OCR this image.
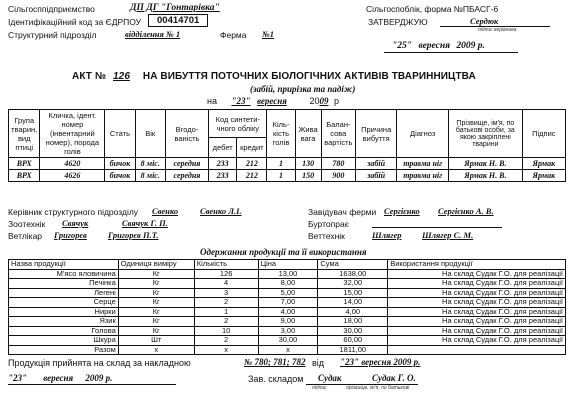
Сільгосппідприємство	ДП ДГ "Гонтарівка"	Сільгоспоблік, форма №ПБАСГ-6
Ідентифікаційний код за ЄДРПОУ	00414701	ЗАТВЕРДЖУЮ	Сердюк
підпис керівника
Структурний підрозділ	відділення № 1	Ферма №1
"25" вересня 2009 р.
АКТ № 126 НА ВИБУТТЯ ПОТОЧНИХ БІОЛОГІЧНИХ АКТИВІВ ТВАРИННИЦТВА
(забій, прирізка та падіж)
на "23" вересня	2009 р
Група тварин, вид птиці	Кличка, ідент. номер (інвентарний номер), порода голів	Стать	Вік	Вгодо-ваність	Код синтети-чного обліку		Кіль-кість голів	Жива вага	Балан-сова вартість	Причина вибуття	Діагноз	Прізвище, ім'я, по батькові особи, за якою закріплені тварини	Підпис
					дебет	кредит							
ВРХ	4620	бичок	8 міс.	середня	233	212	1	130	780	забій	травма ніг	Ярмак Н. В.	Ярмак
ВРХ	4626	бичок	8 міс.	середня	233	212	1	150	900	забій	травма ніг	Ярмак Н. В.	Ярмак
Керівник структурного підрозділу Свенко	Свенко Л.І.	Завідувач ферми Сергієнко Сергієнко А. В.
Зоотехнік Свячук	Свячук Г. П.	Буртопрає
Ветлікар Григорєв Григорєв П.Т.	Веттехнік	Шлягер Шлягер С. М.
Одержання продукції та її використання
Назва продукції	Одиниця виміру	Кількість	Ціна	Сума	Використання продукції
М'ясо яловичина	Кг	126	13,00	1638,00	На склад Судак Г.О. для реалізації
Печінка	Кг	4	8,00	32,00	На склад Судак Г.О. для реалізації
Легені	Кг	3	5,00	15,00	На склад Судак Г.О. для реалізації
Серце	Кг	2	7,00	14,00	На склад Судак Г.О. для реалізації
Нирки	Кг	1	4,00	4,00	На склад Судак Г.О. для реалізації
Язик	Кг	2	9,00	18,00	На склад Судак Г.О. для реалізації
Голова	Кг	10	3,00	30,00	На склад Судак Г.О. для реалізації
Шкура	Шт	2	30,00	60,00	На склад Судак Г.О. для реалізації
Разом	х	х	х	1811,00	
Продукція прийнята на склад за накладною	№ 780; 781; 782 від "23" вересня 2009 р.
"23" вересня 2009 р.	Зав. складом Судак	Судак Г. О.
підпис	прізвище, ім'я, по батькові
